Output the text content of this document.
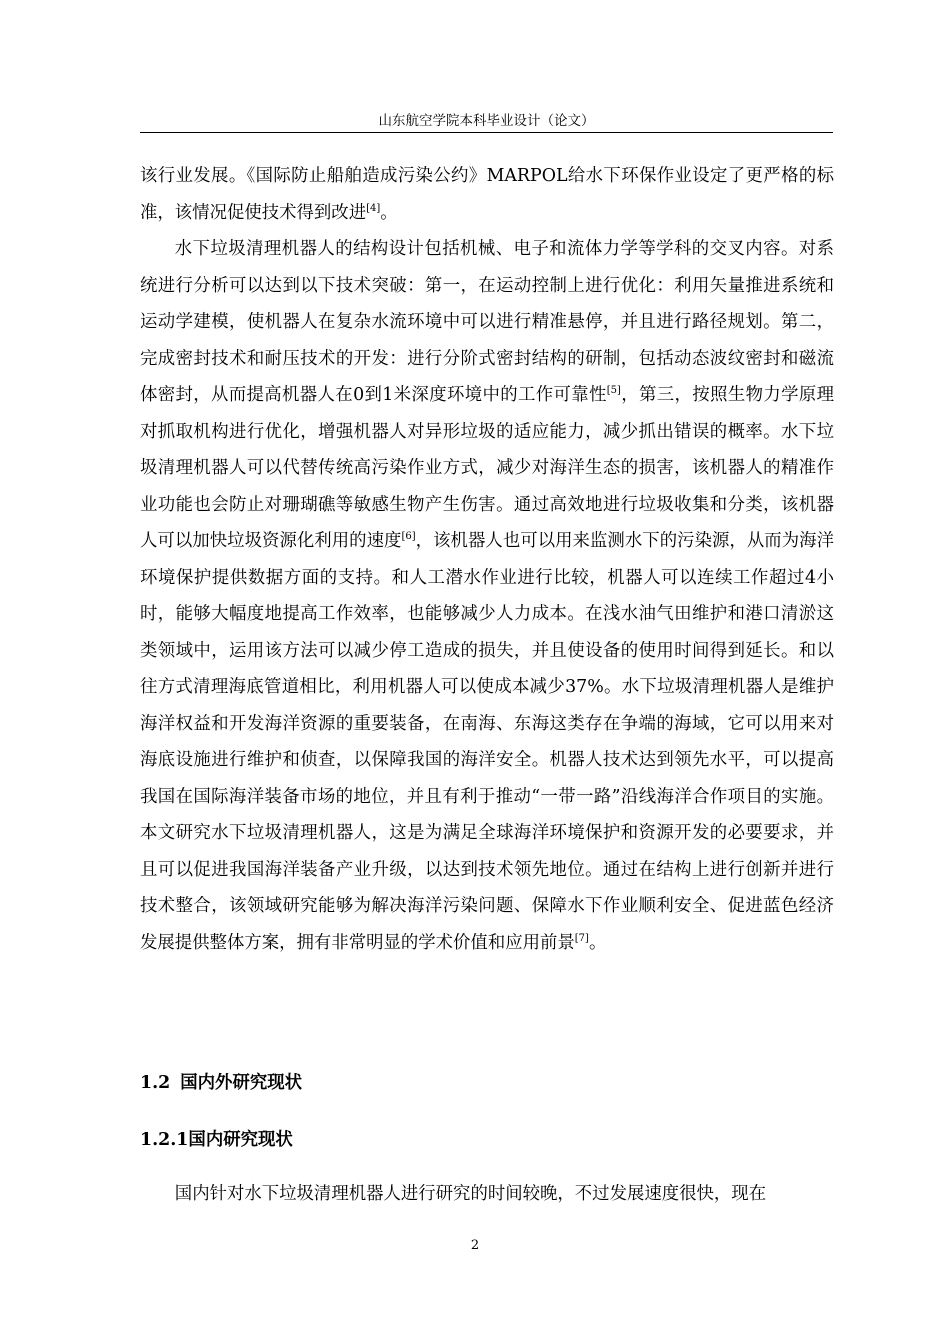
山东航空学院本科毕业设计（论文）

该行业发展。《国际防止船舶造成污染公约》MARPOL给水下环保作业设定了更严格的标准，该情况促使技术得到改进[4]。

水下垃圾清理机器人的结构设计包括机械、电子和流体力学等学科的交叉内容。对系统进行分析可以达到以下技术突破：第一，在运动控制上进行优化：利用矢量推进系统和运动学建模，使机器人在复杂水流环境中可以进行精准悬停，并且进行路径规划。第二，完成密封技术和耐压技术的开发：进行分阶式密封结构的研制，包括动态波纹密封和磁流体密封，从而提高机器人在0到1米深度环境中的工作可靠性[5]，第三，按照生物力学原理对抓取机构进行优化，增强机器人对异形垃圾的适应能力，减少抓出错误的概率。水下垃圾清理机器人可以代替传统高污染作业方式，减少对海洋生态的损害，该机器人的精准作业功能也会防止对珊瑚礁等敏感生物产生伤害。通过高效地进行垃圾收集和分类，该机器人可以加快垃圾资源化利用的速度[6]，该机器人也可以用来监测水下的污染源，从而为海洋环境保护提供数据方面的支持。和人工潜水作业进行比较，机器人可以连续工作超过4小时，能够大幅度地提高工作效率，也能够减少人力成本。在浅水油气田维护和港口清淤这类领域中，运用该方法可以减少停工造成的损失，并且使设备的使用时间得到延长。和以往方式清理海底管道相比，利用机器人可以使成本减少37%。水下垃圾清理机器人是维护海洋权益和开发海洋资源的重要装备，在南海、东海这类存在争端的海域，它可以用来对海底设施进行维护和侦查，以保障我国的海洋安全。机器人技术达到领先水平，可以提高我国在国际海洋装备市场的地位，并且有利于推动“一带一路”沿线海洋合作项目的实施。本文研究水下垃圾清理机器人，这是为满足全球海洋环境保护和资源开发的必要要求，并且可以促进我国海洋装备产业升级，以达到技术领先地位。通过在结构上进行创新并进行技术整合，该领域研究能够为解决海洋污染问题、保障水下作业顺利安全、促进蓝色经济发展提供整体方案，拥有非常明显的学术价值和应用前景[7]。

1.2 国内外研究现状
1.2.1国内研究现状
国内针对水下垃圾清理机器人进行研究的时间较晚，不过发展速度很快，现在
2
